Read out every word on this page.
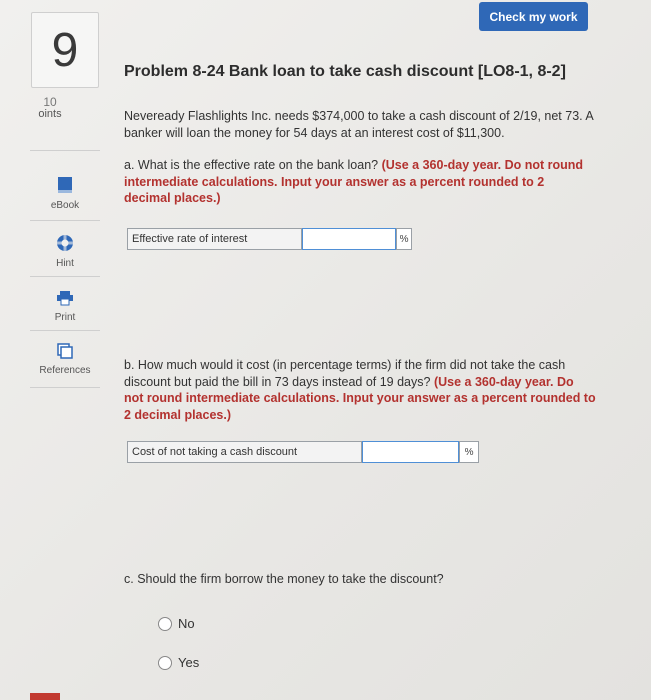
9
10
oints
eBook
Hint
Print
References
Check my work
Problem 8-24 Bank loan to take cash discount [LO8-1, 8-2]
Neveready Flashlights Inc. needs $374,000 to take a cash discount of 2/19, net 73. A banker will loan the money for 54 days at an interest cost of $11,300.
a. What is the effective rate on the bank loan? (Use a 360-day year. Do not round intermediate calculations. Input your answer as a percent rounded to 2 decimal places.)
Effective rate of interest	%
b. How much would it cost (in percentage terms) if the firm did not take the cash discount but paid the bill in 73 days instead of 19 days? (Use a 360-day year. Do not round intermediate calculations. Input your answer as a percent rounded to 2 decimal places.)
Cost of not taking a cash discount	%
c. Should the firm borrow the money to take the discount?
No
Yes
